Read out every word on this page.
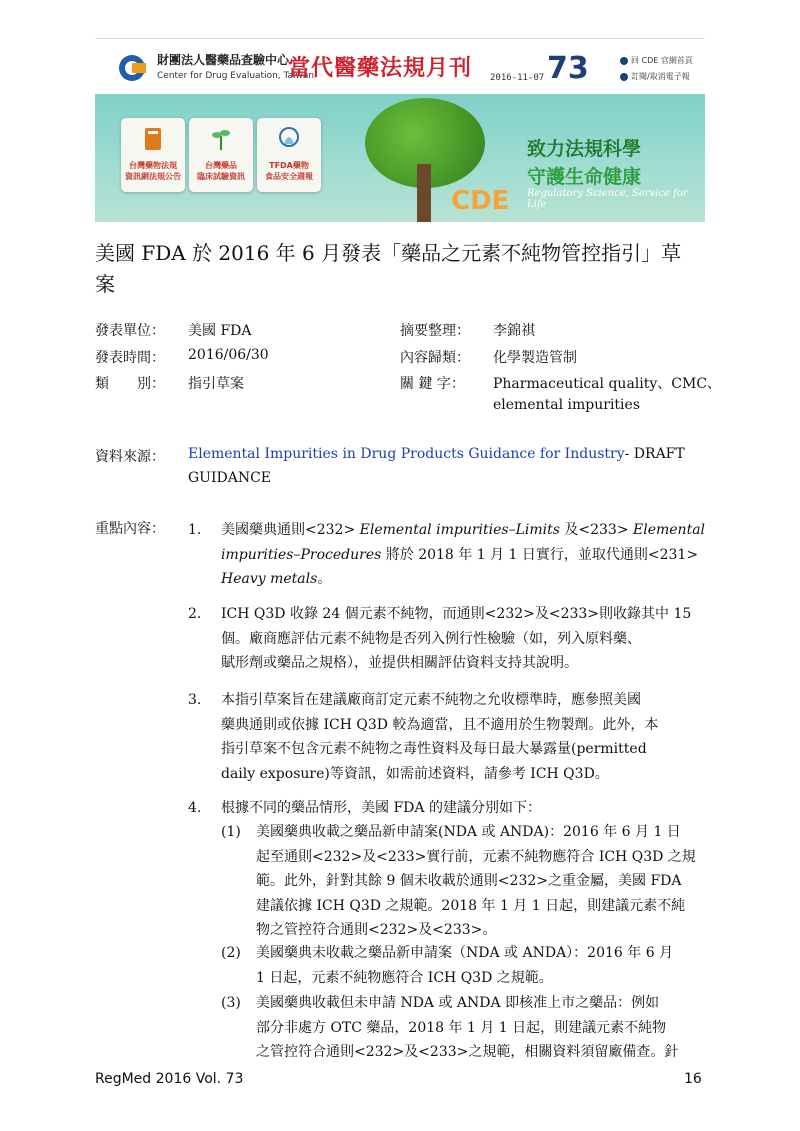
財團法人醫藥品查驗中心
Center for Drug Evaluation, Taiwan
當代醫藥法規月刊 2016-11-07 73	回 CDE 官網首頁
訂閱/取消電子報
台灣藥物法規
資訊網法規公告
台灣藥品
臨床試驗資訊
TFDA藥物
食品安全週報
CDE
致力法規科學
守護生命健康
Regulatory Science, Service for Life
美國 FDA 於 2016 年 6 月發表「藥品之元素不純物管控指引」草
案
發表單位： 美國 FDA
發表時間： 2016/06/30
類　　別： 指引草案
摘要整理： 李錦祺
內容歸類： 化學製造管制
關 鍵 字： Pharmaceutical quality、CMC、
elemental impurities
資料來源： Elemental Impurities in Drug Products Guidance for Industry- DRAFT
GUIDANCE
重點內容： 1. 美國藥典通則<232> Elemental impurities–Limits 及<233> Elemental
impurities–Procedures 將於 2018 年 1 月 1 日實行，並取代通則<231>
Heavy metals。
2. ICH Q3D 收錄 24 個元素不純物，而通則<232>及<233>則收錄其中 15
個。廠商應評估元素不純物是否列入例行性檢驗（如，列入原料藥、
賦形劑或藥品之規格），並提供相關評估資料支持其說明。
3. 本指引草案旨在建議廠商訂定元素不純物之允收標準時，應參照美國
藥典通則或依據 ICH Q3D 較為適當，且不適用於生物製劑。此外，本
指引草案不包含元素不純物之毒性資料及每日最大暴露量(permitted
daily exposure)等資訊，如需前述資料，請參考 ICH Q3D。
4. 根據不同的藥品情形，美國 FDA 的建議分別如下：
(1) 美國藥典收載之藥品新申請案(NDA 或 ANDA)：2016 年 6 月 1 日
起至通則<232>及<233>實行前，元素不純物應符合 ICH Q3D 之規
範。此外，針對其餘 9 個未收載於通則<232>之重金屬，美國 FDA
建議依據 ICH Q3D 之規範。2018 年 1 月 1 日起，則建議元素不純
物之管控符合通則<232>及<233>。
(2) 美國藥典未收載之藥品新申請案（NDA 或 ANDA）：2016 年 6 月
1 日起，元素不純物應符合 ICH Q3D 之規範。
(3) 美國藥典收載但未申請 NDA 或 ANDA 即核准上市之藥品：例如
部分非處方 OTC 藥品，2018 年 1 月 1 日起，則建議元素不純物
之管控符合通則<232>及<233>之規範，相關資料須留廠備查。針
RegMed 2016 Vol. 73	16
